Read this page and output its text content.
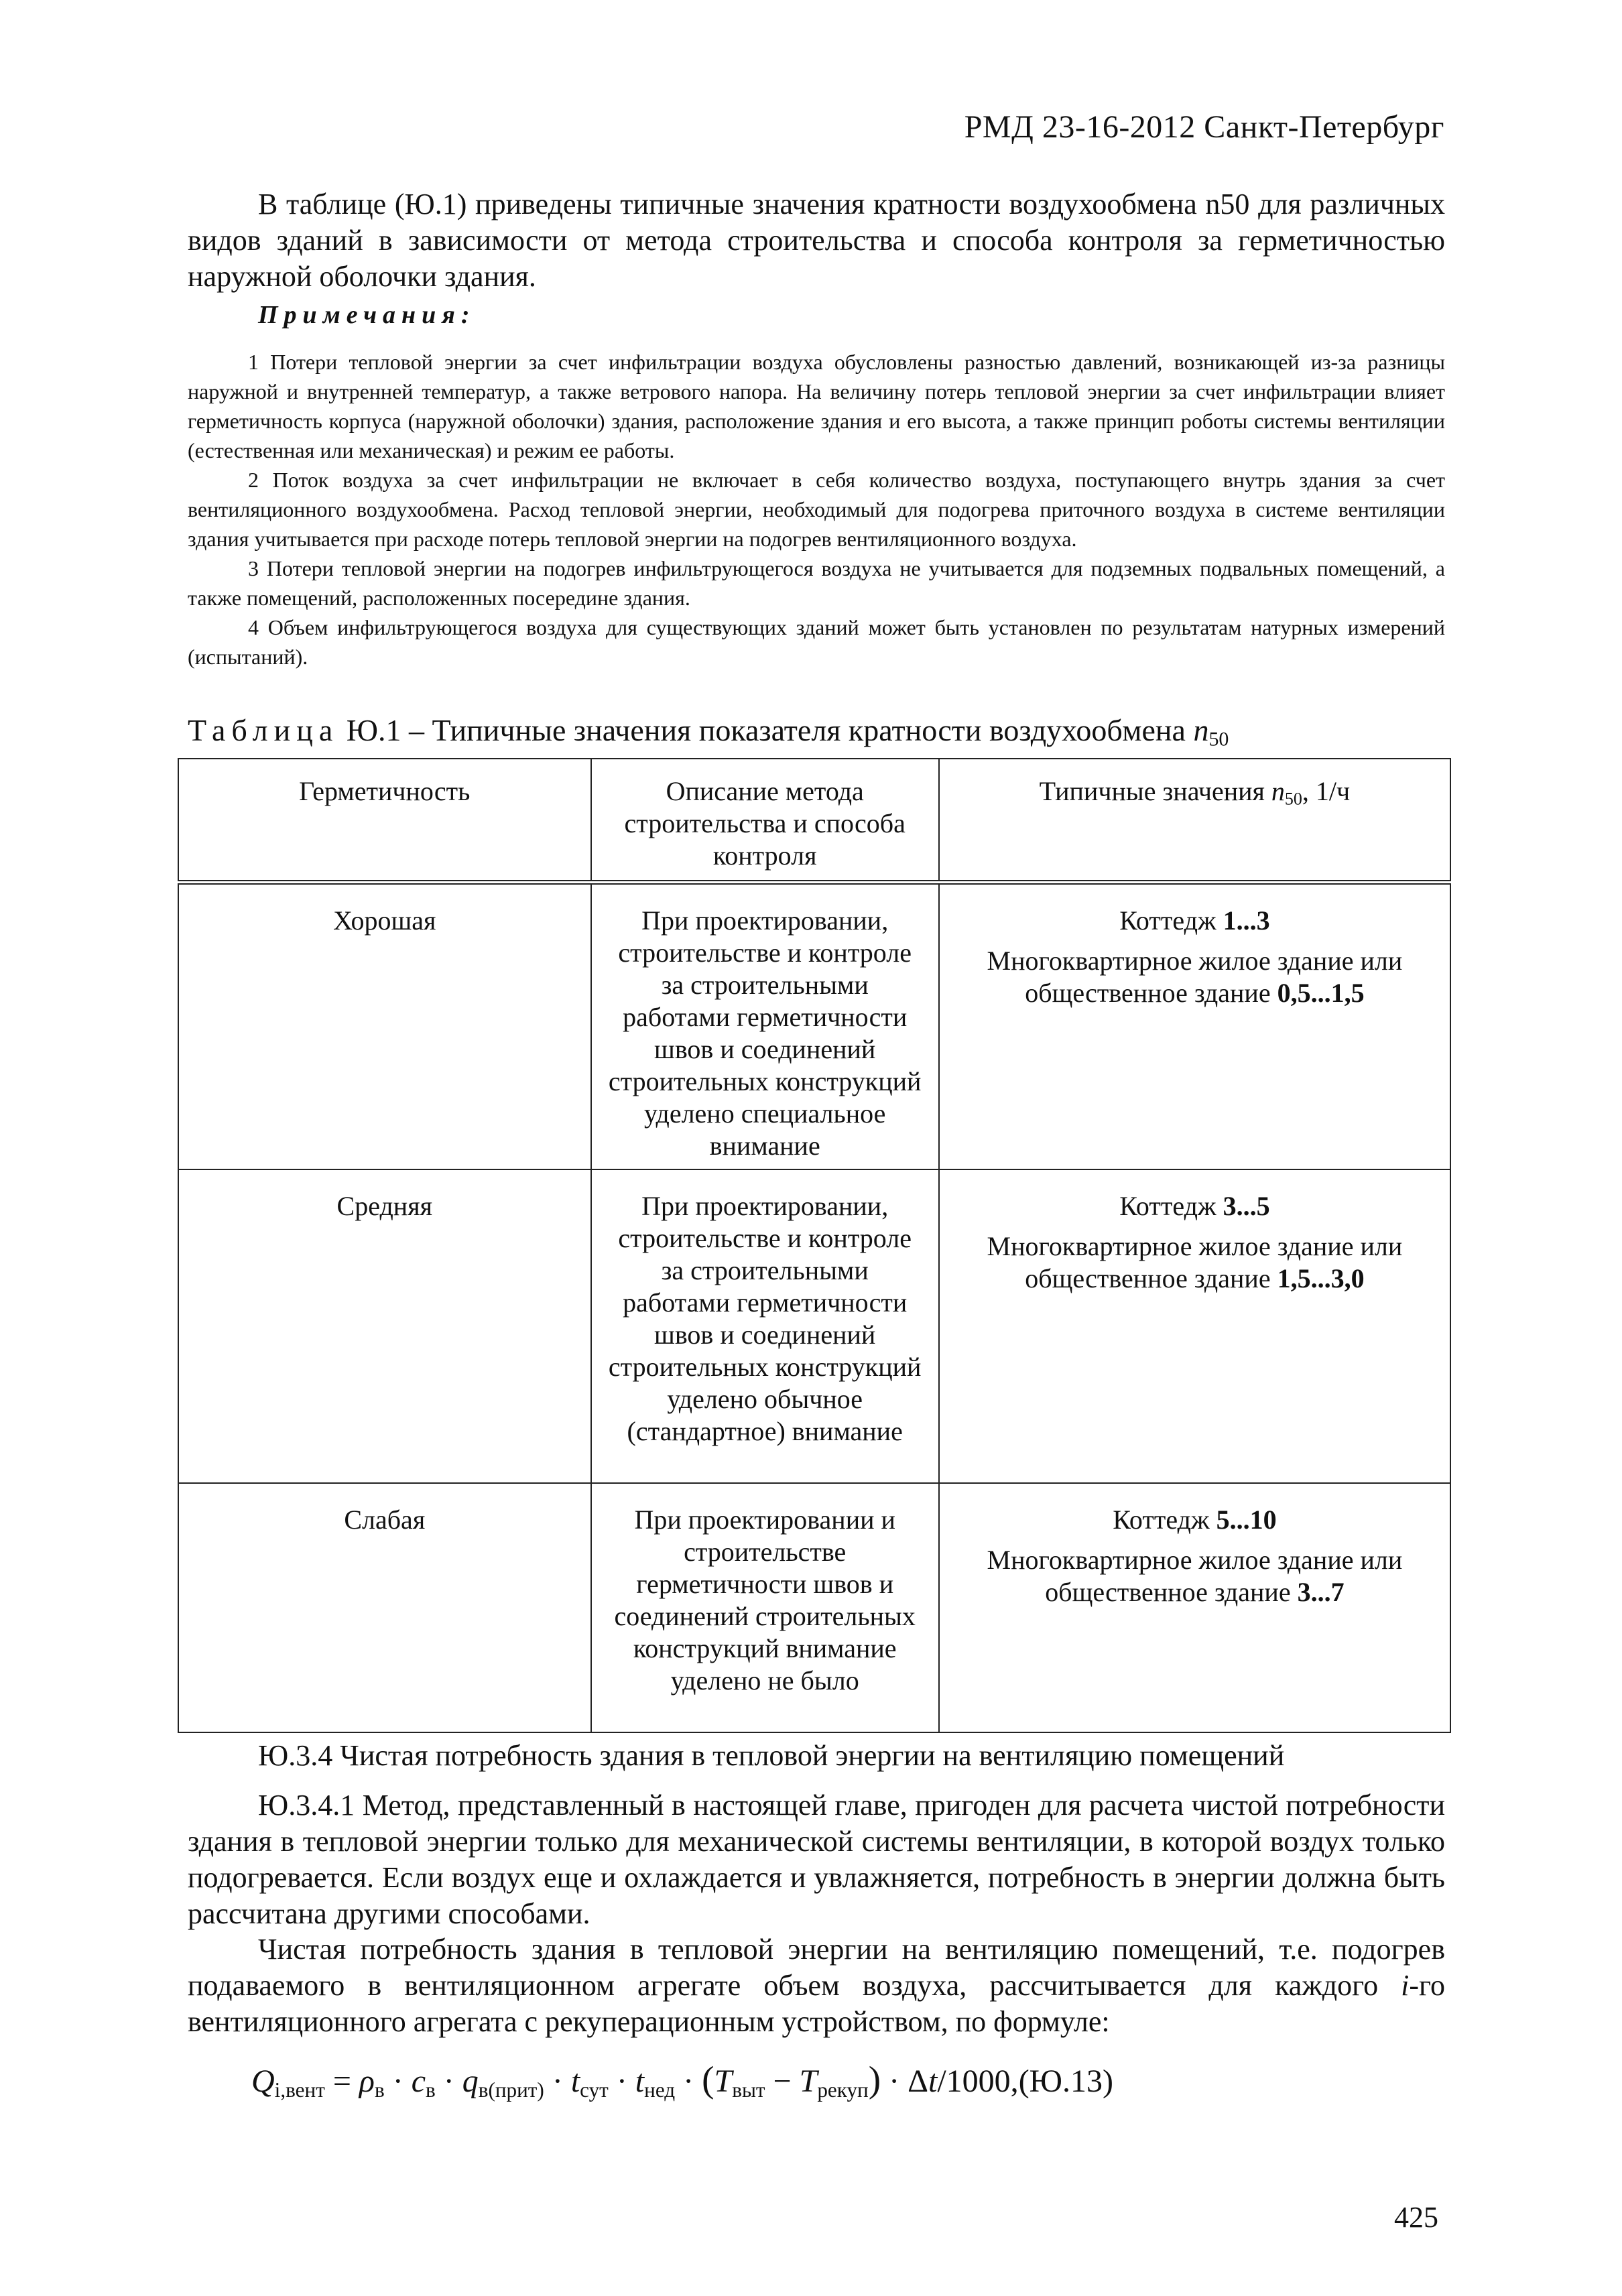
РМД 23-16-2012 Санкт-Петербург

В таблице (Ю.1) приведены типичные значения кратности воздухообмена n50 для различных видов зданий в зависимости от метода строительства и способа контроля за герметичностью наружной оболочки здания.

Примечания:

1 Потери тепловой энергии за счет инфильтрации воздуха обусловлены разностью давлений, возникающей из-за разницы наружной и внутренней температур, а также ветрового напора. На величину потерь тепловой энергии за счет инфильтрации влияет герметичность корпуса (наружной оболочки) здания, расположение здания и его высота, а также принцип роботы системы вентиляции (естественная или механическая) и режим ее работы.

2 Поток воздуха за счет инфильтрации не включает в себя количество воздуха, поступающего внутрь здания за счет вентиляционного воздухообмена. Расход тепловой энергии, необходимый для подогрева приточного воздуха в системе вентиляции здания учитывается при расходе потерь тепловой энергии на подогрев вентиляционного воздуха.

3 Потери тепловой энергии на подогрев инфильтрующегося воздуха не учитывается для подземных подвальных помещений, а также помещений, расположенных посередине здания.

4 Объем инфильтрующегося воздуха для существующих зданий может быть установлен по результатам натурных измерений (испытаний).

Таблица Ю.1 – Типичные значения показателя кратности воздухообмена $n_{50}$
Герметичность	Описание метода строительства и способа контроля	Типичные значения $n_{50}$, 1/ч
Хорошая	При проектировании, строительстве и контроле за строительными работами герметичности швов и соединений строительных конструкций уделено специальное внимание	Коттедж 1...3

Многоквартирное жилое здание или общественное здание 0,5...1,5

Средняя	При проектировании, строительстве и контроле за строительными работами герметичности швов и соединений строительных конструкций уделено обычное (стандартное) внимание	Коттедж 3...5

Многоквартирное жилое здание или общественное здание 1,5...3,0

Слабая	При проектировании и строительстве герметичности швов и соединений строительных конструкций внимание уделено не было	Коттедж 5...10

Многоквартирное жилое здание или общественное здание 3...7

Ю.3.4 Чистая потребность здания в тепловой энергии на вентиляцию помещений

Ю.3.4.1 Метод, представленный в настоящей главе, пригоден для расчета чистой потребности здания в тепловой энергии только для механической системы вентиляции, в которой воздух только подогревается. Если воздух еще и охлаждается и увлажняется, потребность в энергии должна быть рассчитана другими способами.

Чистая потребность здания в тепловой энергии на вентиляцию помещений, т.е. подогрев подаваемого в вентиляционном агрегате объем воздуха, рассчитывается для каждого i-го вентиляционного агрегата с рекуперационным устройством, по формуле:

$Q_{i,вент} = \rho_в \cdot c_в \cdot q_{в(прит)} \cdot t_{сут} \cdot t_{нед} \cdot (T_{выт} - T_{рекуп}) \cdot \Delta t/1000,(Ю.13)$
425
